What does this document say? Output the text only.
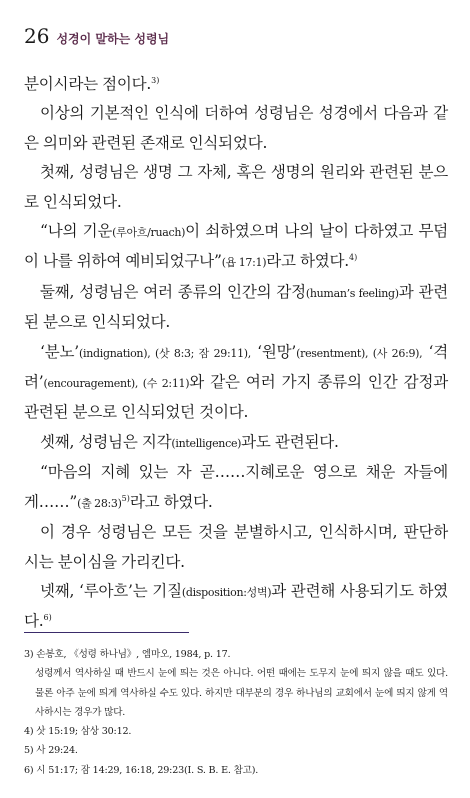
26 성경이 말하는 성령님

분이시라는 점이다.$^{3)}$

이상의 기본적인 인식에 더하여 성령님은 성경에서 다음과 같은 의미와 관련된 존재로 인식되었다.

첫째, 성령님은 생명 그 자체, 혹은 생명의 원리와 관련된 분으로 인식되었다.

“나의 기운(루아흐/ruach)이 쇠하였으며 나의 날이 다하였고 무덤이 나를 위하여 예비되었구나”(욥 17:1)라고 하였다.$^{4)}$

둘째, 성령님은 여러 종류의 인간의 감정(human’s feeling)과 관련된 분으로 인식되었다.

‘분노’(indignation), (삿 8:3; 잠 29:11), ‘원망’(resentment), (사 26:9), ‘격려’(encouragement), (수 2:11)와 같은 여러 가지 종류의 인간 감정과 관련된 분으로 인식되었던 것이다.

셋째, 성령님은 지각(intelligence)과도 관련된다.

“마음의 지혜 있는 자 곧……지혜로운 영으로 채운 자들에게……”(출 28:3)$^{5)}$라고 하였다.

이 경우 성령님은 모든 것을 분별하시고, 인식하시며, 판단하시는 분이심을 가리킨다.

넷째, ‘루아흐’는 기질(disposition:성벽)과 관련해 사용되기도 하였다.$^{6)}$

3) 손봉호, 《성령 하나님》, 엠마오, 1984, p. 17.

성령께서 역사하실 때 반드시 눈에 띄는 것은 아니다. 어떤 때에는 도무지 눈에 띄지 않을 때도 있다. 물론 아주 눈에 띄게 역사하실 수도 있다. 하지만 대부분의 경우 하나님의 교회에서 눈에 띄지 않게 역사하시는 경우가 많다.

4) 삿 15:19; 삼상 30:12.

5) 사 29:24.

6) 시 51:17; 잠 14:29, 16:18, 29:23(I. S. B. E. 참고).
